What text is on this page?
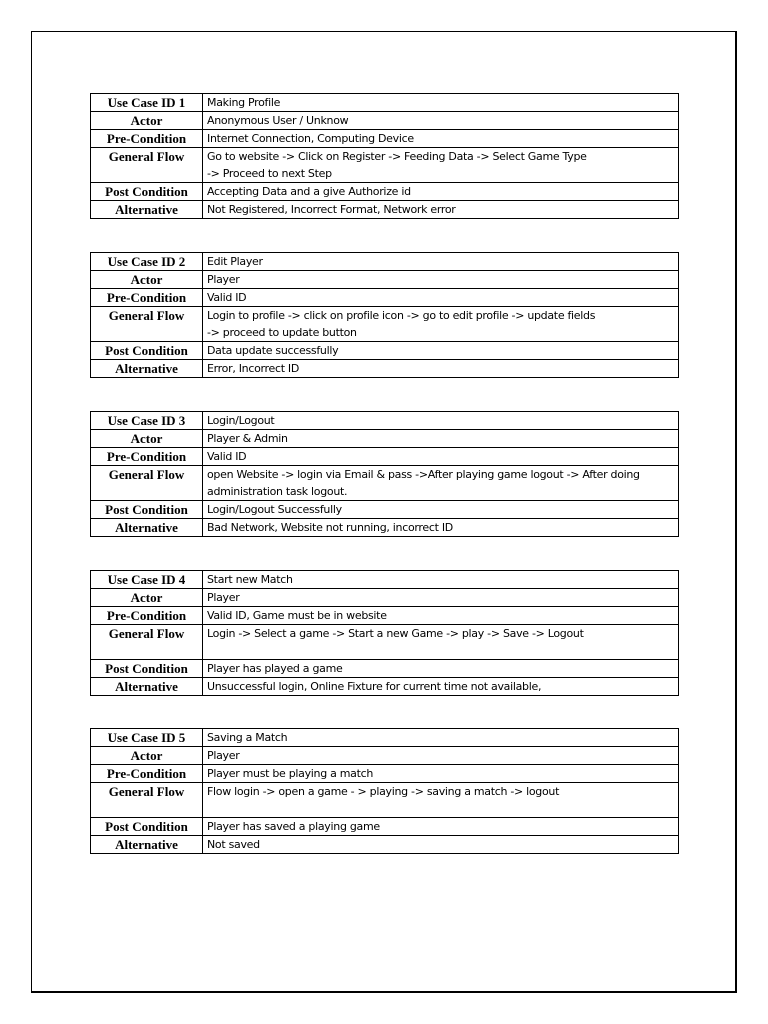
Use Case ID 1	Making Profile
Actor	Anonymous User / Unknow
Pre-Condition	Internet Connection, Computing Device
General Flow	Go to website -> Click on Register -> Feeding Data -> Select Game Type
-> Proceed to next Step

Post Condition	Accepting Data and a give Authorize id
Alternative	Not Registered, Incorrect Format, Network error
Use Case ID 2	Edit Player
Actor	Player
Pre-Condition	Valid ID
General Flow	Login to profile -> click on profile icon -> go to edit profile -> update fields
-> proceed to update button

Post Condition	Data update successfully
Alternative	Error, Incorrect ID
Use Case ID 3	Login/Logout
Actor	Player & Admin
Pre-Condition	Valid ID
General Flow	open Website -> login via Email & pass ->After playing game logout -> After doing
administration task logout.

Post Condition	Login/Logout Successfully
Alternative	Bad Network, Website not running, incorrect ID
Use Case ID 4	Start new Match
Actor	Player
Pre-Condition	Valid ID, Game must be in website
General Flow	Login -> Select a game -> Start a new Game -> play -> Save -> Logout

Post Condition	Player has played a game
Alternative	Unsuccessful login, Online Fixture for current time not available,
Use Case ID 5	Saving a Match
Actor	Player
Pre-Condition	Player must be playing a match
General Flow	Flow login -> open a game - > playing -> saving a match -> logout

Post Condition	Player has saved a playing game
Alternative	Not saved
